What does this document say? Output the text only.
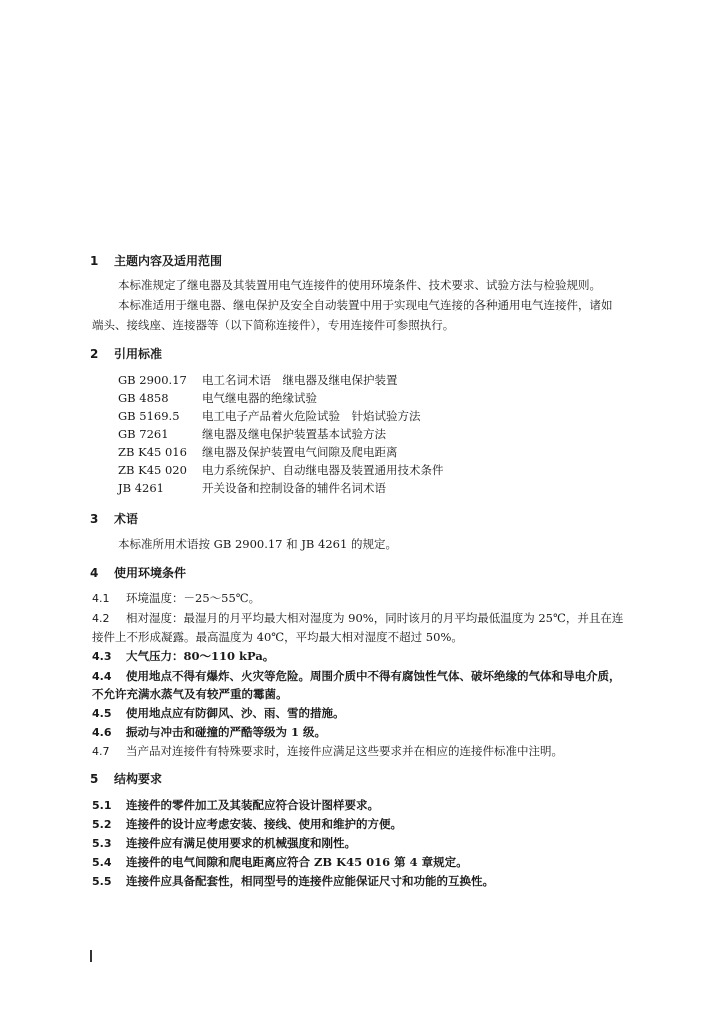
1 主题内容及适用范围
本标准规定了继电器及其装置用电气连接件的使用环境条件、技术要求、试验方法与检验规则。
本标准适用于继电器、继电保护及安全自动装置中用于实现电气连接的各种通用电气连接件，诸如
端头、接线座、连接器等（以下简称连接件），专用连接件可参照执行。
2 引用标准
GB 2900.17 电工名词术语　继电器及继电保护装置
GB 4858	电气继电器的绝缘试验
GB 5169.5 电工电子产品着火危险试验　针焰试验方法
GB 7261	继电器及继电保护装置基本试验方法
ZB K45 016 继电器及保护装置电气间隙及爬电距离
ZB K45 020 电力系统保护、自动继电器及装置通用技术条件
JB 4261	开关设备和控制设备的辅件名词术语
3 术语
本标准所用术语按 GB 2900.17 和 JB 4261 的规定。
4 使用环境条件
4.1 环境温度：－25～55℃。
4.2 相对湿度：最湿月的月平均最大相对湿度为 90%，同时该月的月平均最低温度为 25℃，并且在连
接件上不形成凝露。最高温度为 40℃，平均最大相对湿度不超过 50%。
4.3 大气压力：80～110 kPa。
4.4 使用地点不得有爆炸、火灾等危险。周围介质中不得有腐蚀性气体、破坏绝缘的气体和导电介质，
不允许充满水蒸气及有较严重的霉菌。
4.5 使用地点应有防御风、沙、雨、雪的措施。
4.6 振动与冲击和碰撞的严酷等级为 1 级。
4.7 当产品对连接件有特殊要求时，连接件应满足这些要求并在相应的连接件标准中注明。
5 结构要求
5.1 连接件的零件加工及其装配应符合设计图样要求。
5.2 连接件的设计应考虑安装、接线、使用和维护的方便。
5.3 连接件应有满足使用要求的机械强度和刚性。
5.4 连接件的电气间隙和爬电距离应符合 ZB K45 016 第 4 章规定。
5.5 连接件应具备配套性，相同型号的连接件应能保证尺寸和功能的互换性。
